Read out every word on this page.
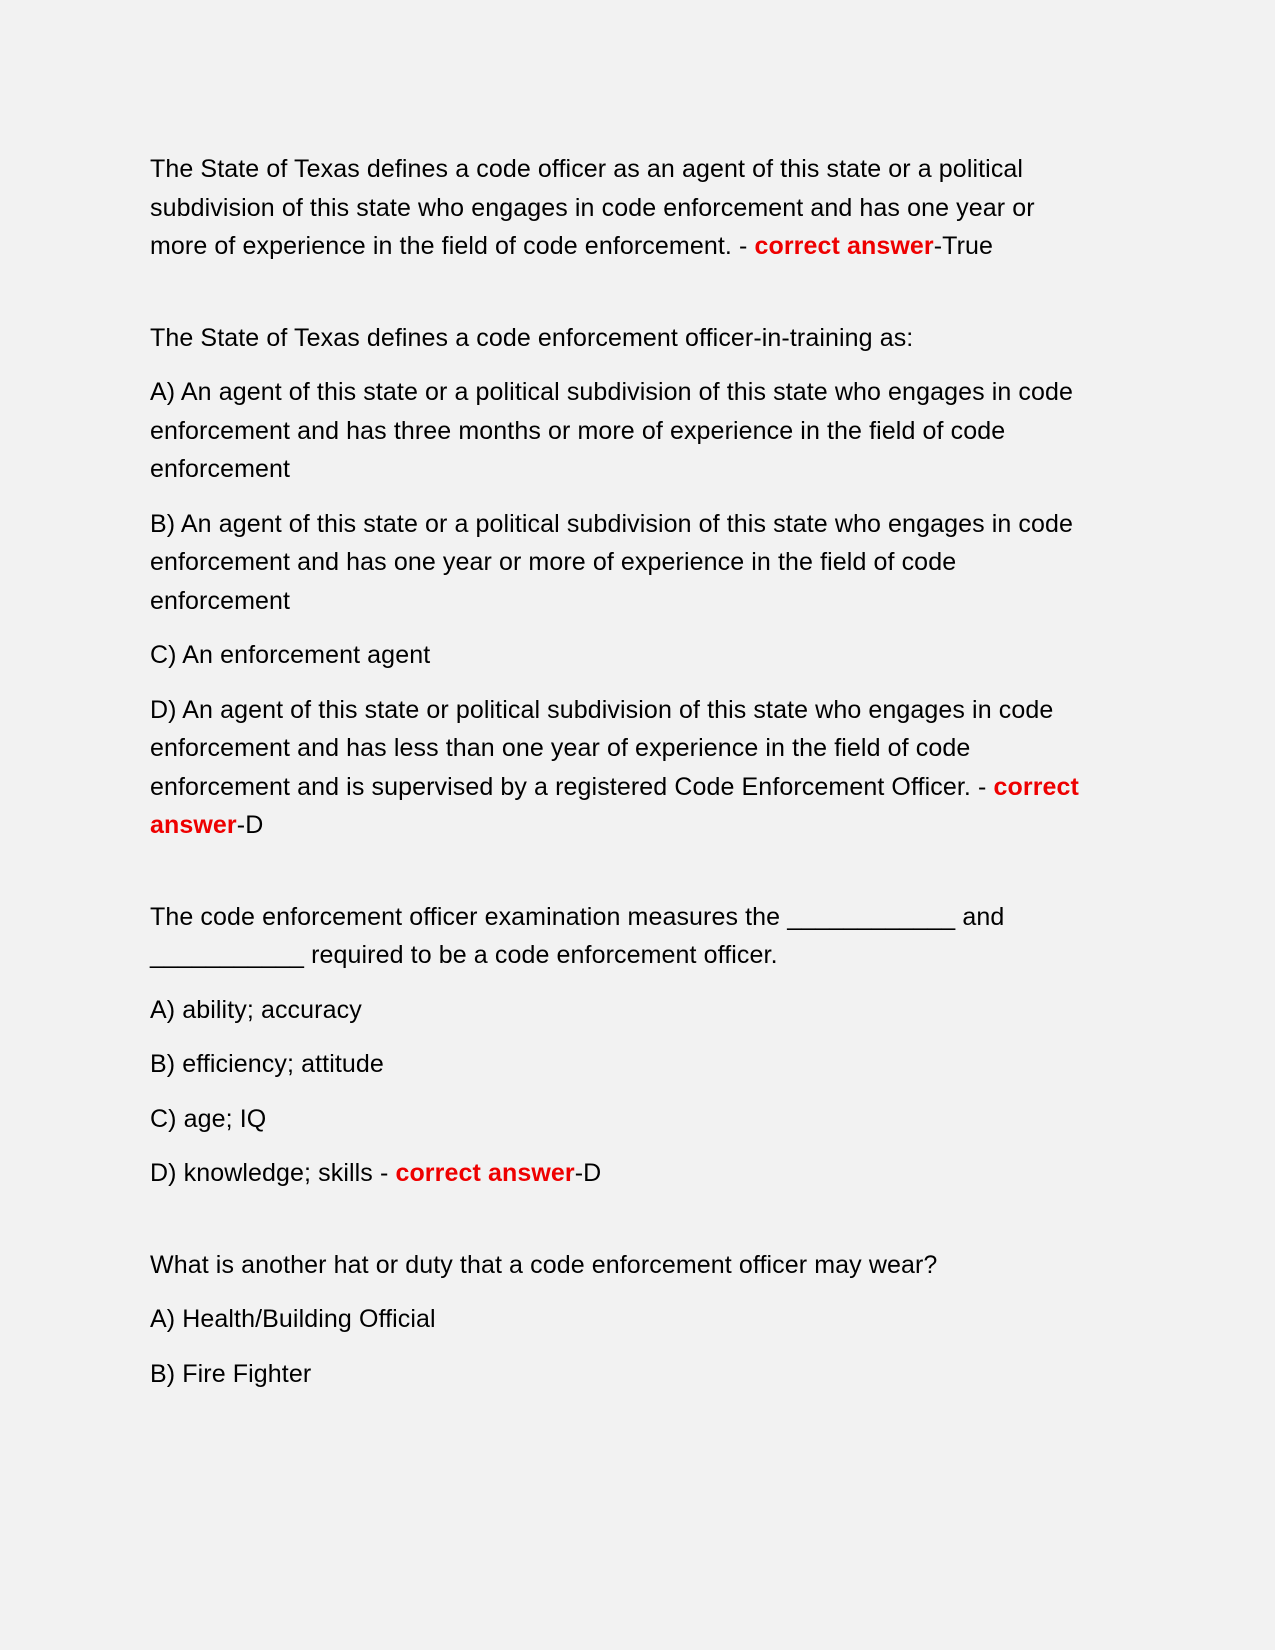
The State of Texas defines a code officer as an agent of this state or a political subdivision of this state who engages in code enforcement and has one year or more of experience in the field of code enforcement. - correct answer-True

The State of Texas defines a code enforcement officer-in-training as:

A) An agent of this state or a political subdivision of this state who engages in code enforcement and has three months or more of experience in the field of code enforcement

B) An agent of this state or a political subdivision of this state who engages in code enforcement and has one year or more of experience in the field of code enforcement

C) An enforcement agent

D) An agent of this state or political subdivision of this state who engages in code enforcement and has less than one year of experience in the field of code enforcement and is supervised by a registered Code Enforcement Officer. - correct answer-D

The code enforcement officer examination measures the ____________ and ___________ required to be a code enforcement officer.

A) ability; accuracy

B) efficiency; attitude

C) age; IQ

D) knowledge; skills - correct answer-D

What is another hat or duty that a code enforcement officer may wear?

A) Health/Building Official

B) Fire Fighter
